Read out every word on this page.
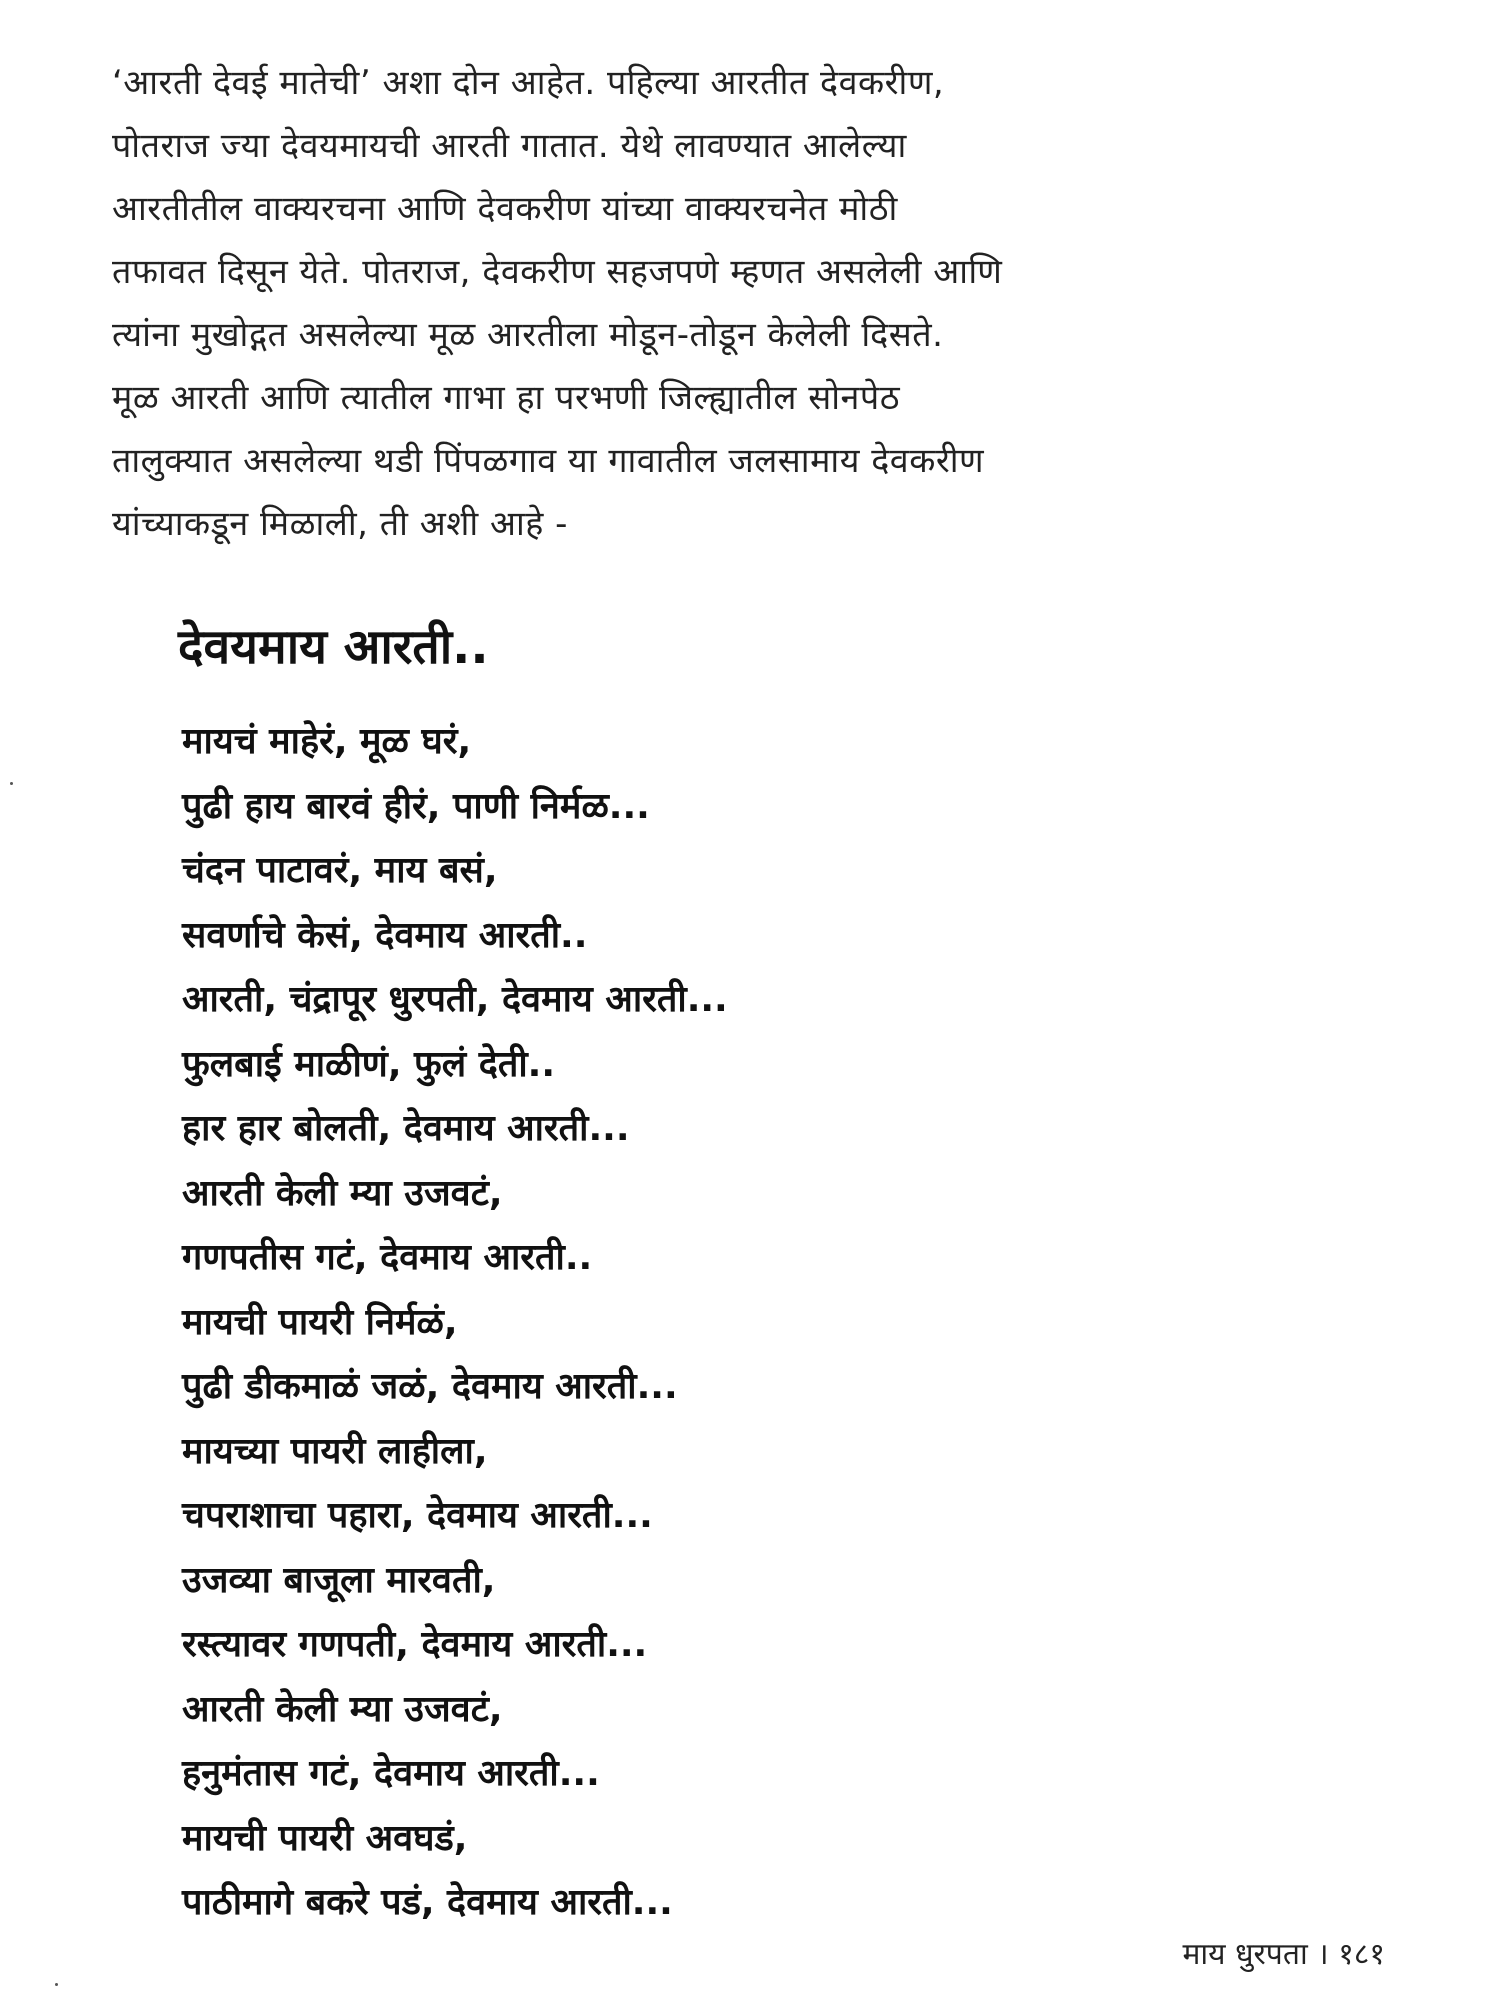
‘आरती देवई मातेची’ अशा दोन आहेत. पहिल्या आरतीत देवकरीण,
पोतराज ज्या देवयमायची आरती गातात. येथे लावण्यात आलेल्या
आरतीतील वाक्यरचना आणि देवकरीण यांच्या वाक्यरचनेत मोठी
तफावत दिसून येते. पोतराज, देवकरीण सहजपणे म्हणत असलेली आणि
त्यांना मुखोद्गत असलेल्या मूळ आरतीला मोडून-तोडून केलेली दिसते.
मूळ आरती आणि त्यातील गाभा हा परभणी जिल्ह्यातील सोनपेठ
तालुक्यात असलेल्या थडी पिंपळगाव या गावातील जलसामाय देवकरीण
यांच्याकडून मिळाली, ती अशी आहे -
देवयमाय आरती..
मायचं माहेरं, मूळ घरं,
पुढी हाय बारवं हीरं, पाणी निर्मळ...
चंदन पाटावरं, माय बसं,
सवर्णाचे केसं, देवमाय आरती..
आरती, चंद्रापूर धुरपती, देवमाय आरती...
फुलबाई माळीणं, फुलं देती..
हार हार बोलती, देवमाय आरती...
आरती केली म्या उजवटं,
गणपतीस गटं, देवमाय आरती..
मायची पायरी निर्मळं,
पुढी डीकमाळं जळं, देवमाय आरती...
मायच्या पायरी लाहीला,
चपराशाचा पहारा, देवमाय आरती...
उजव्या बाजूला मारवती,
रस्त्यावर गणपती, देवमाय आरती...
आरती केली म्या उजवटं,
हनुमंतास गटं, देवमाय आरती...
मायची पायरी अवघडं,
पाठीमागे बकरे पडं, देवमाय आरती...
माय धुरपता । १८१
